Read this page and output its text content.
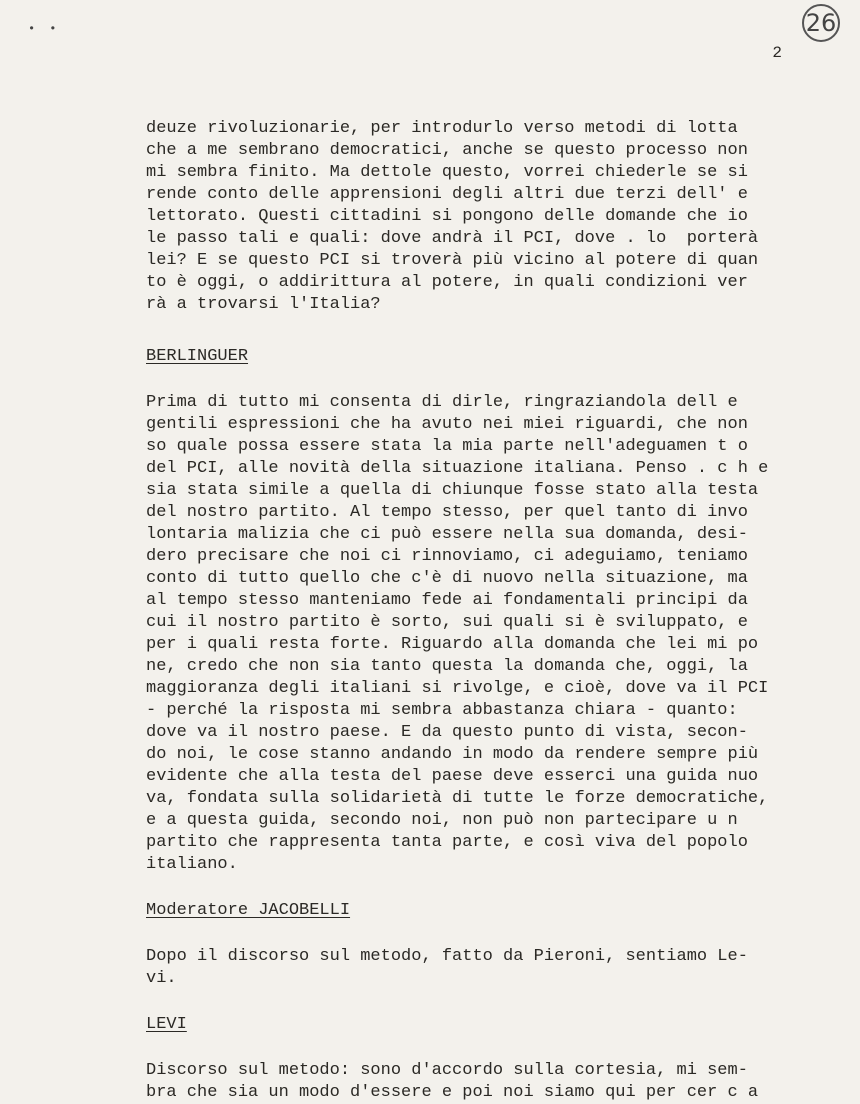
••	26
2

deuze rivoluzionarie, per introdurlo verso metodi di lotta

che a me sembrano democratici, anche se questo processo non

mi sembra finito. Ma dettole questo, vorrei chiederle se si

rende conto delle apprensioni degli altri due terzi dell' e

lettorato. Questi cittadini si pongono delle domande che io

le passo tali e quali: dove andrà il PCI, dove . lo  porterà

lei? E se questo PCI si troverà più vicino al potere di quan

to è oggi, o addirittura al potere, in quali condizioni ver

rà a trovarsi l'Italia?

BERLINGUER

Prima di tutto mi consenta di dirle, ringraziandola dell e

gentili espressioni che ha avuto nei miei riguardi, che non

so quale possa essere stata la mia parte nell'adeguamen t o

del PCI, alle novità della situazione italiana. Penso . c h e

sia stata simile a quella di chiunque fosse stato alla testa

del nostro partito. Al tempo stesso, per quel tanto di invo

lontaria malizia che ci può essere nella sua domanda, desi-

dero precisare che noi ci rinnoviamo, ci adeguiamo, teniamo

conto di tutto quello che c'è di nuovo nella situazione, ma

al tempo stesso manteniamo fede ai fondamentali principi da

cui il nostro partito è sorto, sui quali si è sviluppato, e

per i quali resta forte. Riguardo alla domanda che lei mi po

ne, credo che non sia tanto questa la domanda che, oggi, la

maggioranza degli italiani si rivolge, e cioè, dove va il PCI

- perché la risposta mi sembra abbastanza chiara - quanto:

dove va il nostro paese. E da questo punto di vista, secon-

do noi, le cose stanno andando in modo da rendere sempre più

evidente che alla testa del paese deve esserci una guida nuo

va, fondata sulla solidarietà di tutte le forze democratiche,

e a questa guida, secondo noi, non può non partecipare u n

partito che rappresenta tanta parte, e così viva del popolo

italiano.

Moderatore JACOBELLI

Dopo il discorso sul metodo, fatto da Pieroni, sentiamo Le-

vi.

LEVI

Discorso sul metodo: sono d'accordo sulla cortesia, mi sem-

bra che sia un modo d'essere e poi noi siamo qui per cer c a
